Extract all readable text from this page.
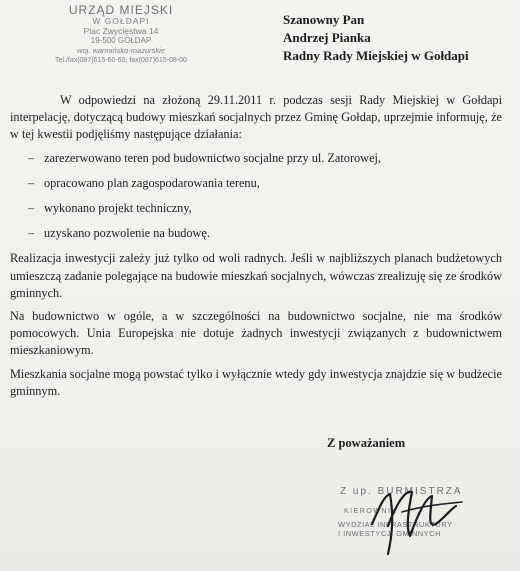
URZĄD MIEJSKI
W GOŁDAPI
Plac Zwycięstwa 14
19-500 GOŁDAP
woj. warmińsko-mazurskie
Tel./fax(087)615-60-60, fax(087)615-08-00
Szanowny Pan
Andrzej Pianka
Radny Rady Miejskiej w Gołdapi

W odpowiedzi na złożoną 29.11.2011 r. podczas sesji Rady Miejskiej w Gołdapi interpelację, dotyczącą budowy mieszkań socjalnych przez Gminę Gołdap, uprzejmie informuję, że w tej kwestii podjęliśmy następujące działania:

– zarezerwowano teren pod budownictwo socjalne przy ul. Zatorowej,
– opracowano plan zagospodarowania terenu,
– wykonano projekt techniczny,
– uzyskano pozwolenie na budowę.

Realizacja inwestycji zależy już tylko od woli radnych. Jeśli w najbliższych planach budżetowych umieszczą zadanie polegające na budowie mieszkań socjalnych, wówczas zrealizuję się ze środków gminnych.

Na budownictwo w ogóle, a w szczególności na budownictwo socjalne, nie ma środków pomocowych. Unia Europejska nie dotuje żadnych inwestycji związanych z budownictwem mieszkaniowym.

Mieszkania socjalne mogą powstać tylko i wyłącznie wtedy gdy inwestycja znajdzie się w budżecie gminnym.

Z poważaniem
Z up. BURMISTRZA
KIEROWNIK
WYDZIAŁ INFRASTRUKTURY
I INWESTYCJI GMINNYCH
